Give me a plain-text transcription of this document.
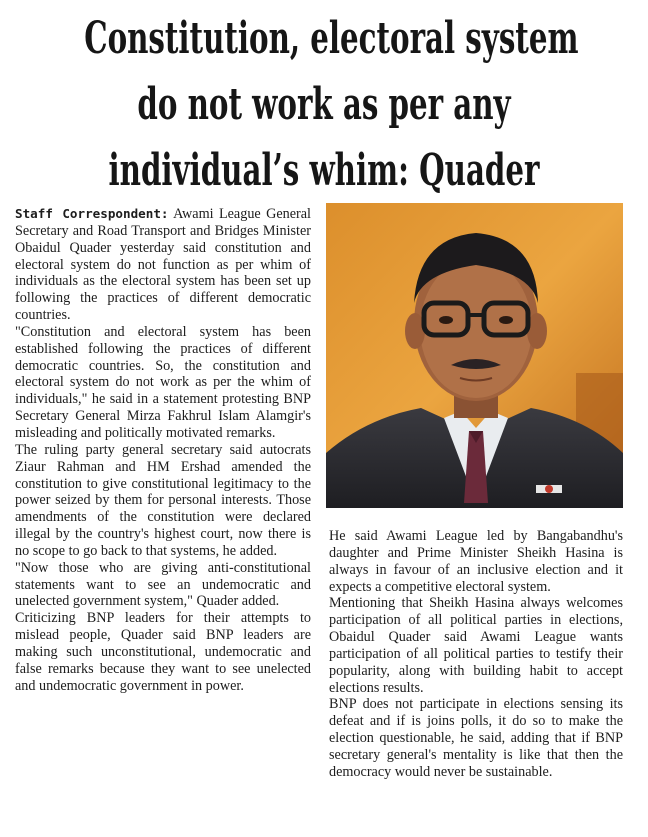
Constitution, electoral system
do not work as per any
individual’s whim: Quader

Staff Correspondent: Awami League General Secretary and Road Transport and Bridges Minister Obaidul Quader yesterday said constitution and electoral system do not function as per whim of individuals as the electoral system has been set up following the practices of different democratic countries.

"Constitution and electoral system has been established following the practices of different democratic countries. So, the constitution and electoral system do not work as per the whim of individuals," he said in a statement protesting BNP Secretary General Mirza Fakhrul Islam Alamgir's misleading and politically motivated remarks.

The ruling party general secretary said autocrats Ziaur Rahman and HM Ershad amended the constitution to give constitutional legitimacy to the power seized by them for personal interests. Those amendments of the constitution were declared illegal by the country's highest court, now there is no scope to go back to that systems, he added.

"Now those who are giving anti-constitutional statements want to see an undemocratic and unelected government system," Quader added.

Criticizing BNP leaders for their attempts to mislead people, Quader said BNP leaders are making such unconstitutional, undemocratic and false remarks because they want to see unelected and undemocratic government in power.

He said Awami League led by Bangabandhu's daughter and Prime Minister Sheikh Hasina is always in favour of an inclusive election and it expects a competitive electoral system.

Mentioning that Sheikh Hasina always welcomes participation of all political parties in elections, Obaidul Quader said Awami League wants participation of all political parties to testify their popularity, along with building habit to accept elections results.

BNP does not participate in elections sensing its defeat and if is joins polls, it do so to make the election questionable, he said, adding that if BNP secretary general's mentality is like that then the democracy would never be sustainable.
